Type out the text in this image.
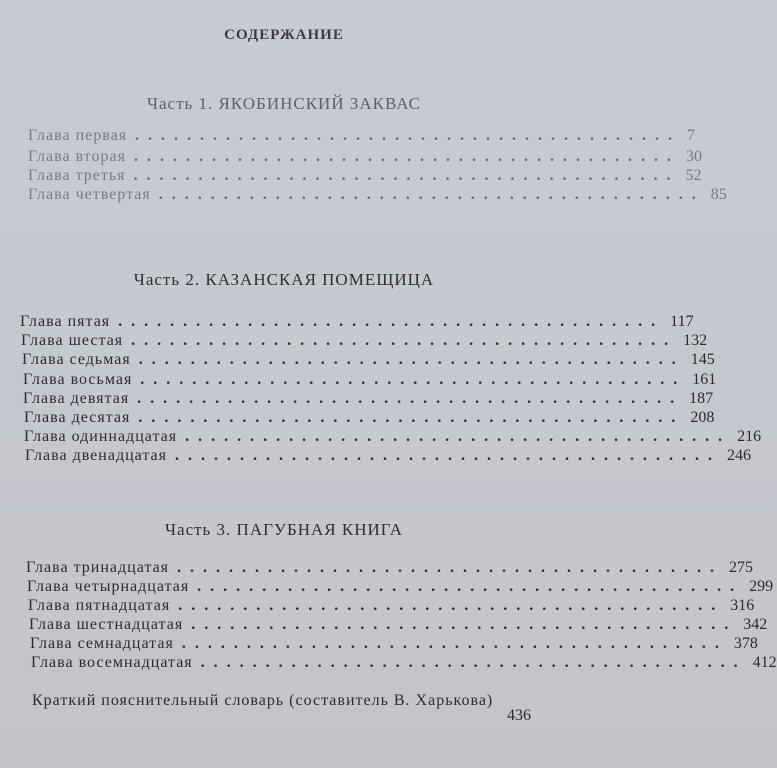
СОДЕРЖАНИЕ
Часть 1. ЯКОБИНСКИЙ ЗАКВАС
Глава первая .......................................... 7
Глава вторая .......................................... 30
Глава третья .......................................... 52
Глава четвертая .......................................... 85
Часть 2. КАЗАНСКАЯ ПОМЕЩИЦА
Глава пятая .......................................... 117
Глава шестая .......................................... 132
Глава седьмая .......................................... 145
Глава восьмая .......................................... 161
Глава девятая .......................................... 187
Глава десятая .......................................... 208
Глава одиннадцатая .......................................... 216
Глава двенадцатая .......................................... 246
Часть 3. ПАГУБНАЯ КНИГА
Глава тринадцатая .......................................... 275
Глава четырнадцатая .......................................... 299
Глава пятнадцатая .......................................... 316
Глава шестнадцатая .......................................... 342
Глава семнадцатая .......................................... 378
Глава восемнадцатая .......................................... 412
Краткий пояснительный словарь (составитель В. Харькова)
436
